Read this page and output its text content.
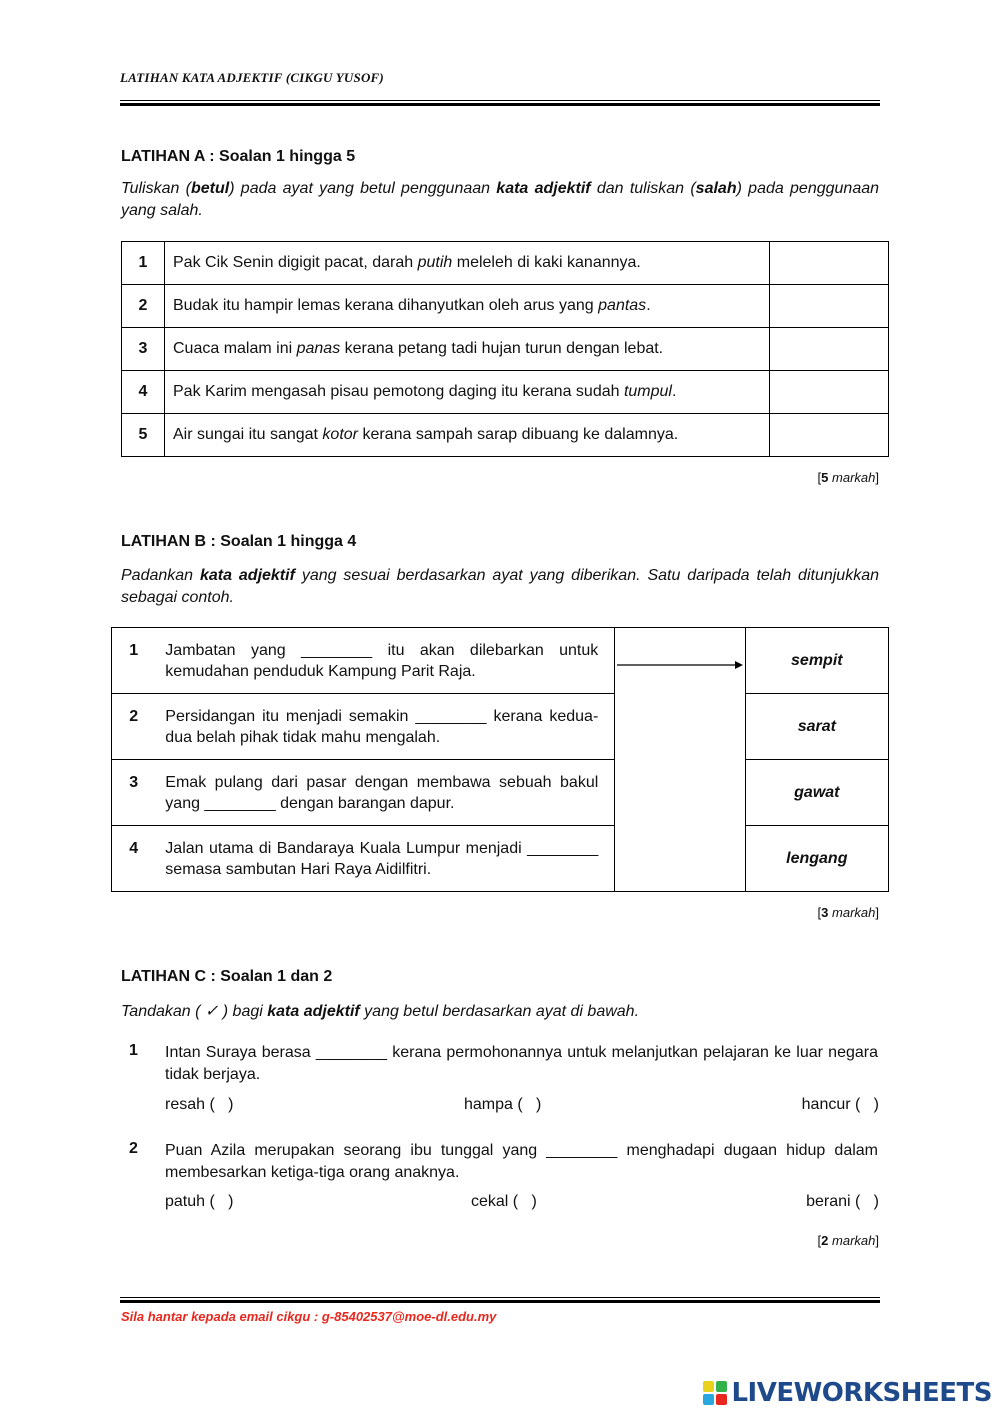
LATIHAN KATA ADJEKTIF (CIKGU YUSOF)
LATIHAN A : Soalan 1 hingga 5
Tuliskan (betul) pada ayat yang betul penggunaan kata adjektif dan tuliskan (salah) pada penggunaan yang salah.
1	Pak Cik Senin digigit pacat, darah putih meleleh di kaki kanannya.	
2	Budak itu hampir lemas kerana dihanyutkan oleh arus yang pantas.	
3	Cuaca malam ini panas kerana petang tadi hujan turun dengan lebat.	
4	Pak Karim mengasah pisau pemotong daging itu kerana sudah tumpul.	
5	Air sungai itu sangat kotor kerana sampah sarap dibuang ke dalamnya.	
[5 markah]
LATIHAN B : Soalan 1 hingga 4
Padankan kata adjektif yang sesuai berdasarkan ayat yang diberikan. Satu daripada telah ditunjukkan sebagai contoh.
1	Jambatan yang ________ itu akan dilebarkan untuk kemudahan penduduk Kampung Parit Raja.		sempit
2	Persidangan itu menjadi semakin ________ kerana kedua-dua belah pihak tidak mahu mengalah.		sarat
3	Emak pulang dari pasar dengan membawa sebuah bakul yang ________ dengan barangan dapur.		gawat
4	Jalan utama di Bandaraya Kuala Lumpur menjadi ________ semasa sambutan Hari Raya Aidilfitri.		lengang
[3 markah]
LATIHAN C : Soalan 1 dan 2
Tandakan ( ✓ ) bagi kata adjektif yang betul berdasarkan ayat di bawah.
1 Intan Suraya berasa ________ kerana permohonannya untuk melanjutkan pelajaran ke luar negara tidak berjaya.
resah (   )	hampa (   )	hancur (   )
2 Puan Azila merupakan seorang ibu tunggal yang ________ menghadapi dugaan hidup dalam membesarkan ketiga-tiga orang anaknya.
patuh (   )	cekal (   )	berani (   )
[2 markah]
Sila hantar kepada email cikgu : g-85402537@moe-dl.edu.my
LIVEWORKSHEETS
